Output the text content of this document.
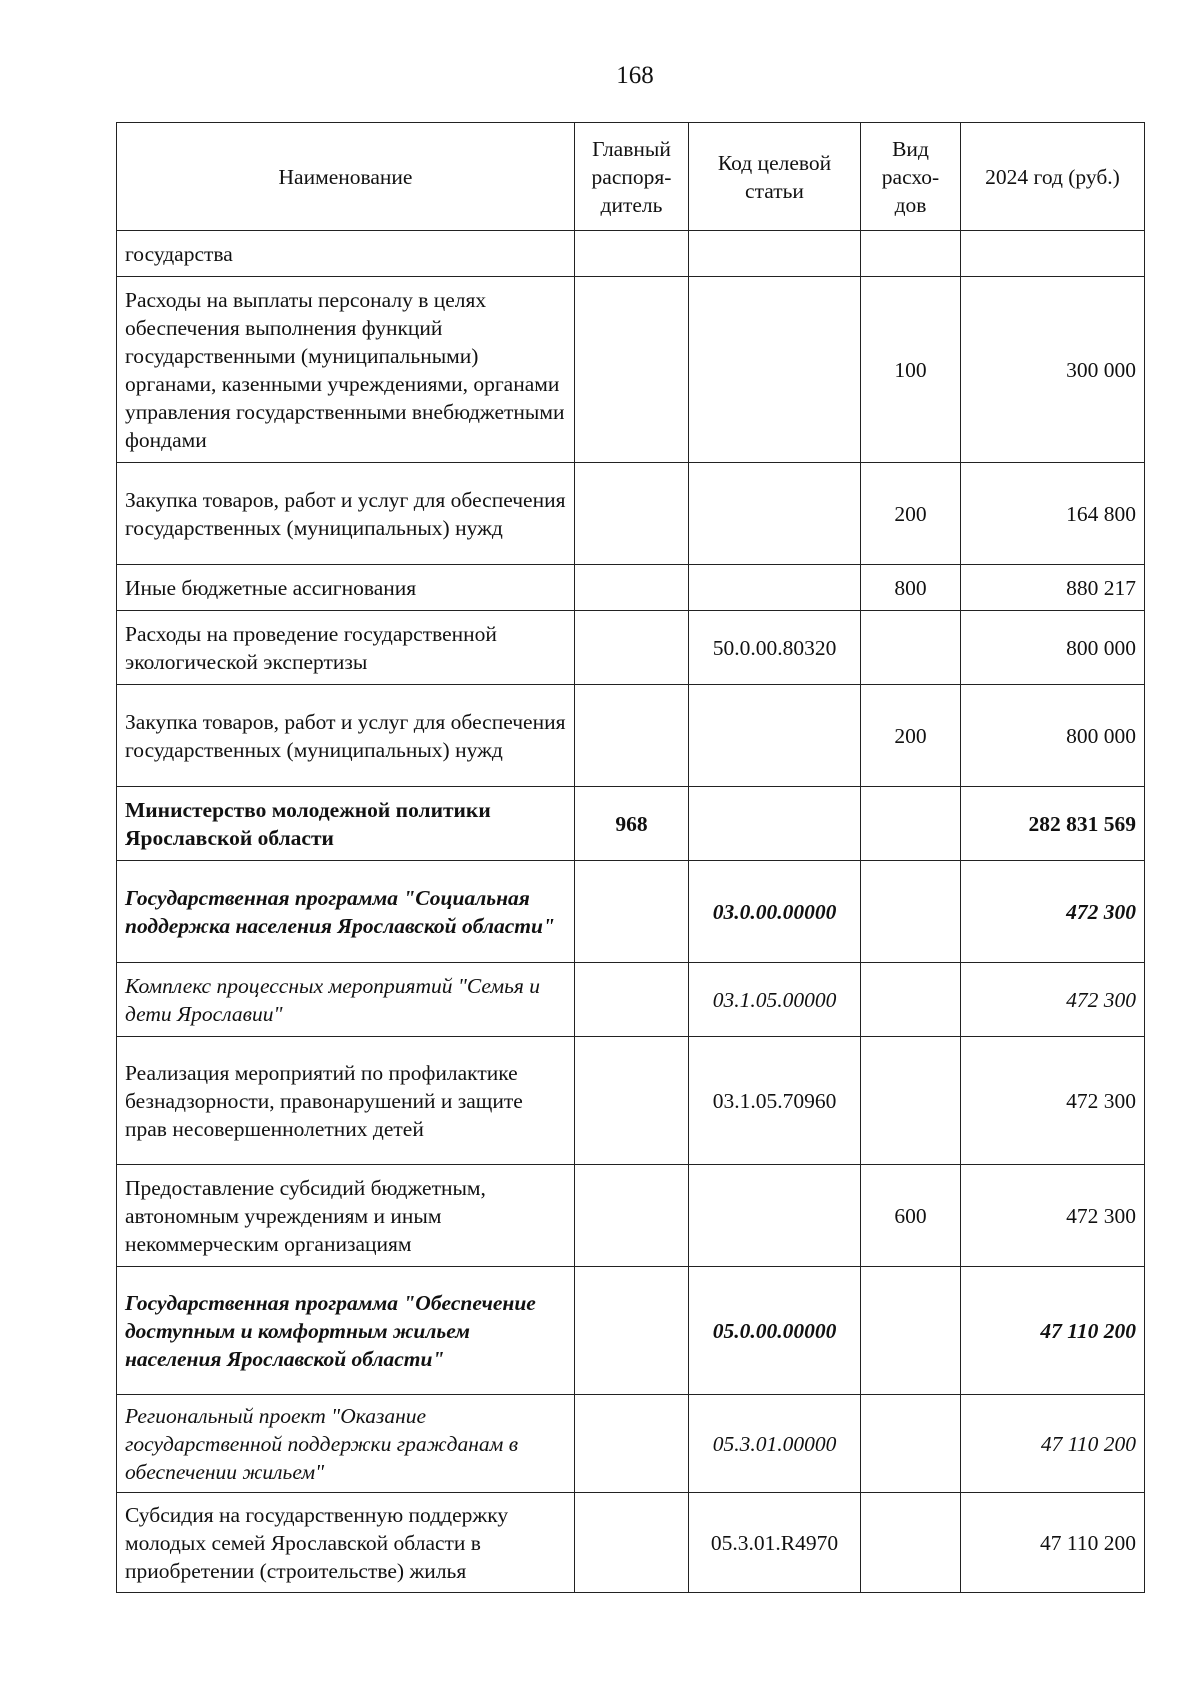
168
Наименование	Главный распоря-дитель	Код целевой статьи	Вид расхо-дов	2024 год (руб.)
государства				
Расходы на выплаты персоналу в целях обеспечения выполнения функций государственными (муниципальными) органами, казенными учреждениями, органами управления государственными внебюджетными фондами			100	300 000
Закупка товаров, работ и услуг для обеспечения государственных (муниципальных) нужд			200	164 800
Иные бюджетные ассигнования			800	880 217
Расходы на проведение государственной экологической экспертизы		50.0.00.80320		800 000
Закупка товаров, работ и услуг для обеспечения государственных (муниципальных) нужд			200	800 000
Министерство молодежной политики Ярославской области	968			282 831 569
Государственная программа "Социальная поддержка населения Ярославской области"		03.0.00.00000		472 300
Комплекс процессных мероприятий "Семья и дети Ярославии"		03.1.05.00000		472 300
Реализация мероприятий по профилактике безнадзорности, правонарушений и защите прав несовершеннолетних детей		03.1.05.70960		472 300
Предоставление субсидий бюджетным, автономным учреждениям и иным некоммерческим организациям			600	472 300
Государственная программа "Обеспечение доступным и комфортным жильем населения Ярославской области"		05.0.00.00000		47 110 200
Региональный проект "Оказание государственной поддержки гражданам в обеспечении жильем"		05.3.01.00000		47 110 200
Субсидия на государственную поддержку молодых семей Ярославской области в приобретении (строительстве) жилья		05.3.01.R4970		47 110 200
